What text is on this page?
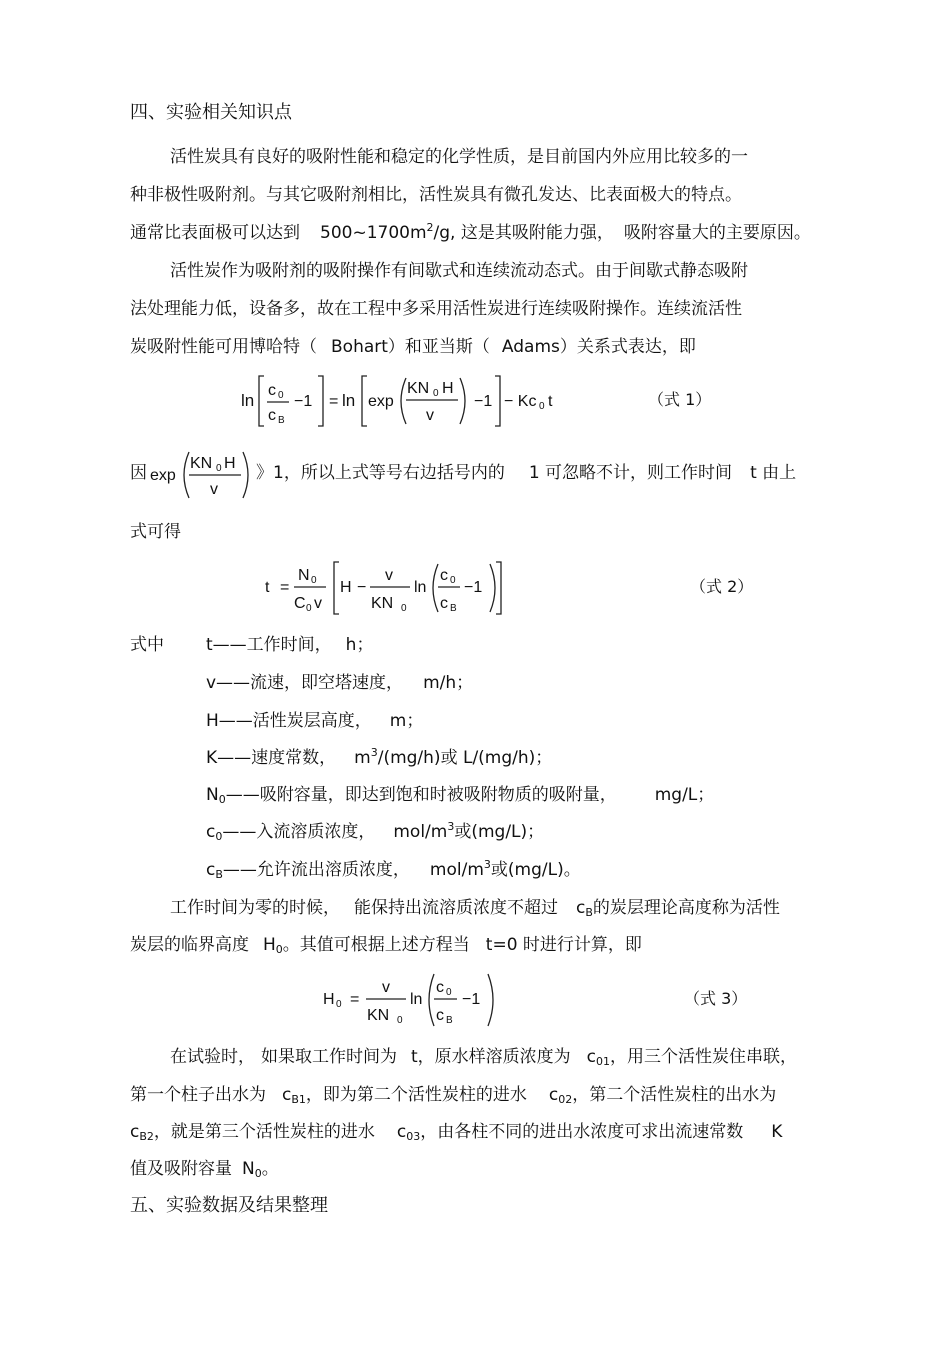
四、实验相关知识点
活性炭具有良好的吸附性能和稳定的化学性质，是目前国内外应用比较多的一
种非极性吸附剂。与其它吸附剂相比，活性炭具有微孔发达、比表面极大的特点。
通常比表面极可以达到 $500\sim 1700m^2/g$, 这是其吸附能力强， 吸附容量大的主要原因。
活性炭作为吸附剂的吸附操作有间歇式和连续流动态式。由于间歇式静态吸附
法处理能力低，设备多，故在工程中多采用活性炭进行连续吸附操作。连续流活性
炭吸附性能可用博哈特（ Bohart）和亚当斯（ Adams）关系式表达，即
ln
c 0
c B
−1 = ln exp
KN 0 H
v
−1 − Kc 0 t	（式 1）
因 exp
KN 0 H
v
》1，所以上式等号右边括号内的 1 可忽略不计，则工作时间 t 由上
式可得
t =
N 0
C 0 v
H −
v
KN 0
ln
c 0
c B
−1	（式 2）
式中 t——工作时间， h；
v——流速，即空塔速度， m/h；
H——活性炭层高度， m；
K——速度常数， $m^3/(mg/h)$或 L/(mg/h)；
$N_0——$吸附容量，即达到饱和时被吸附物质的吸附量， mg/L；
$c_0——$入流溶质浓度， mol/$m^3$或(mg/L)；
$c_B——$允许流出溶质浓度， mol/$m^3$或(mg/L)。
工作时间为零的时候， 能保持出流溶质浓度不超过 $c_B$的炭层理论高度称为活性
炭层的临界高度 $H_0$。其值可根据上述方程当 t=0 时进行计算，即
H 0 =
v
KN 0
ln
c 0
c B
−1	（式 3）
在试验时， 如果取工作时间为 t，原水样溶质浓度为 $c_{01}$，用三个活性炭住串联，
第一个柱子出水为 $c_{B1}$，即为第二个活性炭柱的进水 $c_{02}$，第二个活性炭柱的出水为
$c_{B2}$，就是第三个活性炭柱的进水 $c_{03}$，由各柱不同的进出水浓度可求出流速常数 K
值及吸附容量 $N_0$。
五、实验数据及结果整理
